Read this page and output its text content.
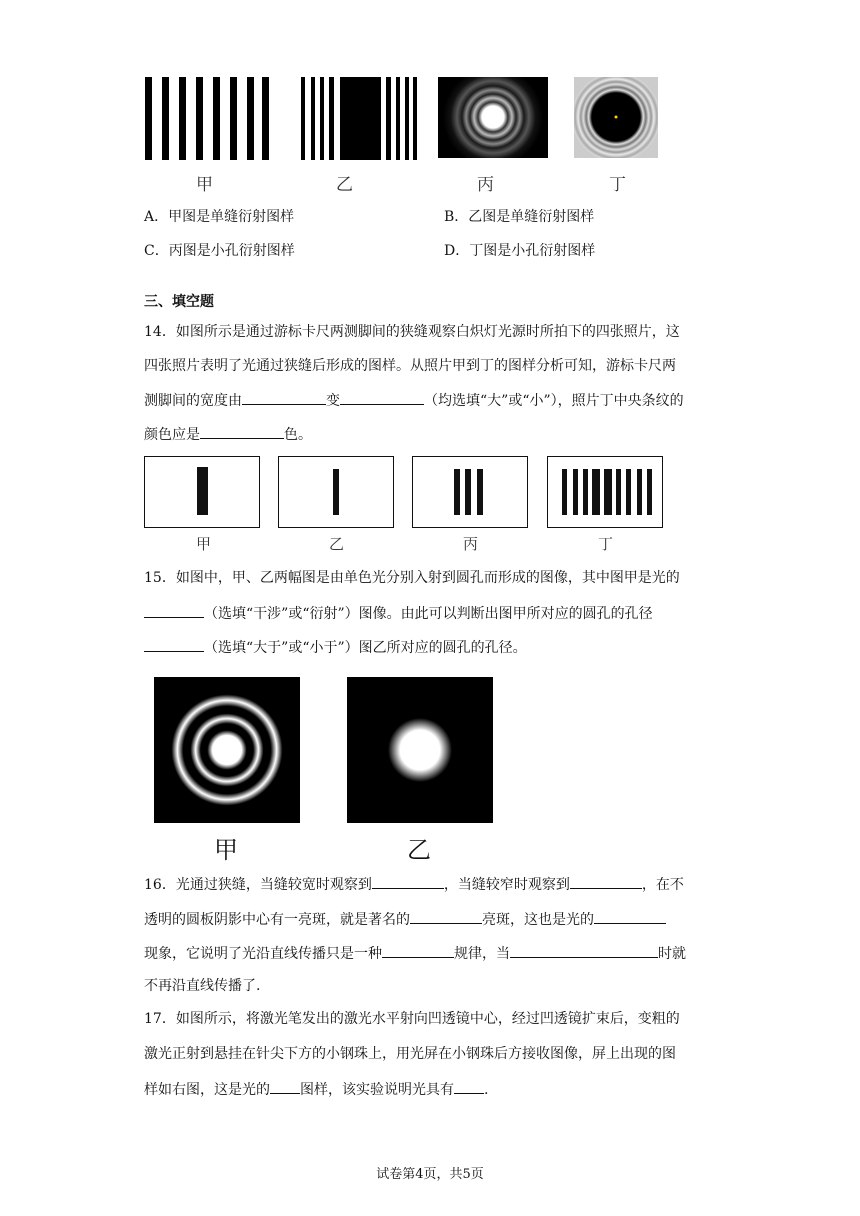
甲	乙	丙	丁
A．甲图是单缝衍射图样	B．乙图是单缝衍射图样
C．丙图是小孔衍射图样	D．丁图是小孔衍射图样
三、填空题
14．如图所示是通过游标卡尺两测脚间的狭缝观察白炽灯光源时所拍下的四张照片，这
四张照片表明了光通过狭缝后形成的图样。从照片甲到丁的图样分析可知，游标卡尺两
测脚间的宽度由	变	（均选填“大”或“小”），照片丁中央条纹的
颜色应是	色。
甲	乙	丙	丁
15．如图中，甲、乙两幅图是由单色光分别入射到圆孔而形成的图像，其中图甲是光的
（选填“干涉”或“衍射”）图像。由此可以判断出图甲所对应的圆孔的孔径
（选填“大于”或“小于”）图乙所对应的圆孔的孔径。
甲	乙
16．光通过狭缝，当缝较宽时观察到	，当缝较窄时观察到	，在不
透明的圆板阴影中心有一亮斑，就是著名的	亮斑，这也是光的
现象，它说明了光沿直线传播只是一种	规律，当	时就
不再沿直线传播了.
17．如图所示，将激光笔发出的激光水平射向凹透镜中心，经过凹透镜扩束后，变粗的
激光正射到悬挂在针尖下方的小钢珠上，用光屏在小钢珠后方接收图像，屏上出现的图
样如右图，这是光的 图样，该实验说明光具有 .
试卷第4页，共5页
